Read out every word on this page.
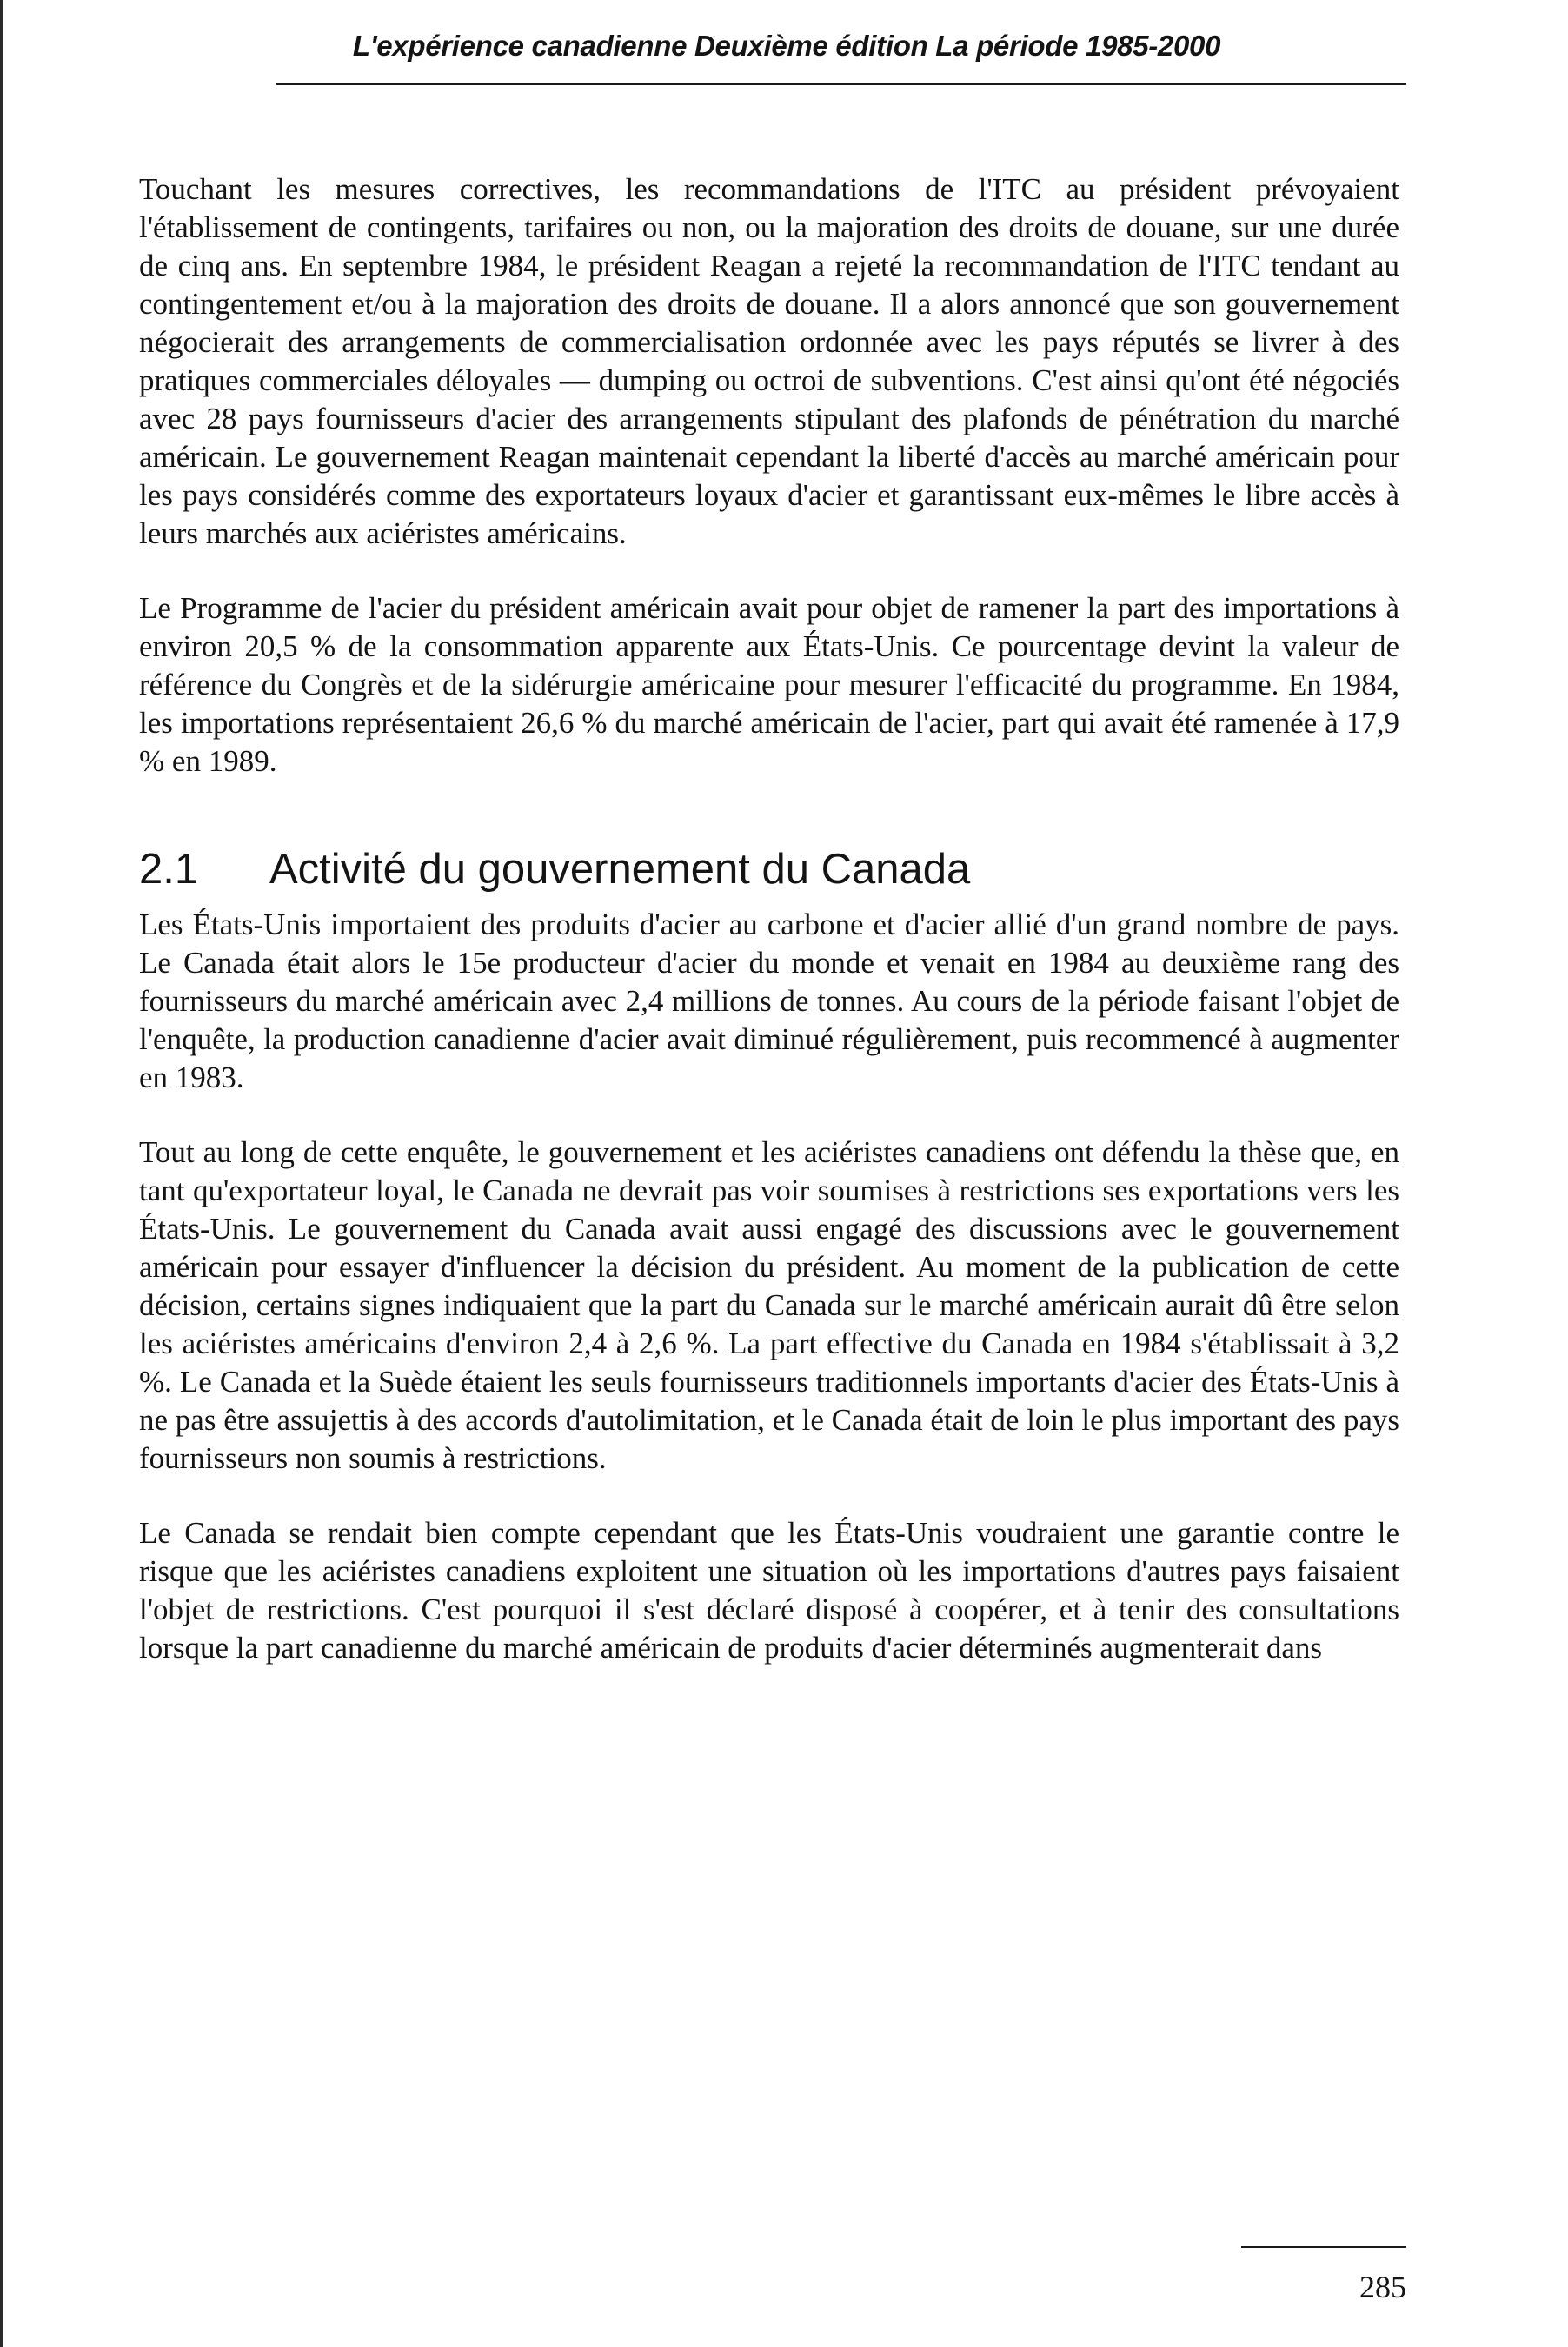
L'expérience canadienne Deuxième édition La période 1985-2000

Touchant les mesures correctives, les recommandations de l'ITC au président prévoyaient l'établissement de contingents, tarifaires ou non, ou la majoration des droits de douane, sur une durée de cinq ans. En septembre 1984, le président Reagan a rejeté la recommandation de l'ITC tendant au contingentement et/ou à la majoration des droits de douane. Il a alors annoncé que son gouvernement négocierait des arrangements de commercialisation ordonnée avec les pays réputés se livrer à des pratiques commerciales déloyales — dumping ou octroi de subventions. C'est ainsi qu'ont été négociés avec 28 pays fournisseurs d'acier des arrangements stipulant des plafonds de pénétration du marché américain. Le gouvernement Reagan maintenait cependant la liberté d'accès au marché américain pour les pays considérés comme des exportateurs loyaux d'acier et garantissant eux-mêmes le libre accès à leurs marchés aux aciéristes américains.

Le Programme de l'acier du président américain avait pour objet de ramener la part des importations à environ 20,5 % de la consommation apparente aux États-Unis. Ce pourcentage devint la valeur de référence du Congrès et de la sidérurgie américaine pour mesurer l'efficacité du programme. En 1984, les importations représentaient 26,6 % du marché américain de l'acier, part qui avait été ramenée à 17,9 % en 1989.

2.1 Activité du gouvernement du Canada

Les États-Unis importaient des produits d'acier au carbone et d'acier allié d'un grand nombre de pays. Le Canada était alors le 15e producteur d'acier du monde et venait en 1984 au deuxième rang des fournisseurs du marché américain avec 2,4 millions de tonnes. Au cours de la période faisant l'objet de l'enquête, la production canadienne d'acier avait diminué régulièrement, puis recommencé à augmenter en 1983.

Tout au long de cette enquête, le gouvernement et les aciéristes canadiens ont défendu la thèse que, en tant qu'exportateur loyal, le Canada ne devrait pas voir soumises à restrictions ses exportations vers les États-Unis. Le gouvernement du Canada avait aussi engagé des discussions avec le gouvernement américain pour essayer d'influencer la décision du président. Au moment de la publication de cette décision, certains signes indiquaient que la part du Canada sur le marché américain aurait dû être selon les aciéristes américains d'environ 2,4 à 2,6 %. La part effective du Canada en 1984 s'établissait à 3,2 %. Le Canada et la Suède étaient les seuls fournisseurs traditionnels importants d'acier des États-Unis à ne pas être assujettis à des accords d'autolimitation, et le Canada était de loin le plus important des pays fournisseurs non soumis à restrictions.

Le Canada se rendait bien compte cependant que les États-Unis voudraient une garantie contre le risque que les aciéristes canadiens exploitent une situation où les importations d'autres pays faisaient l'objet de restrictions. C'est pourquoi il s'est déclaré disposé à coopérer, et à tenir des consultations lorsque la part canadienne du marché américain de produits d'acier déterminés augmenterait dans

285
